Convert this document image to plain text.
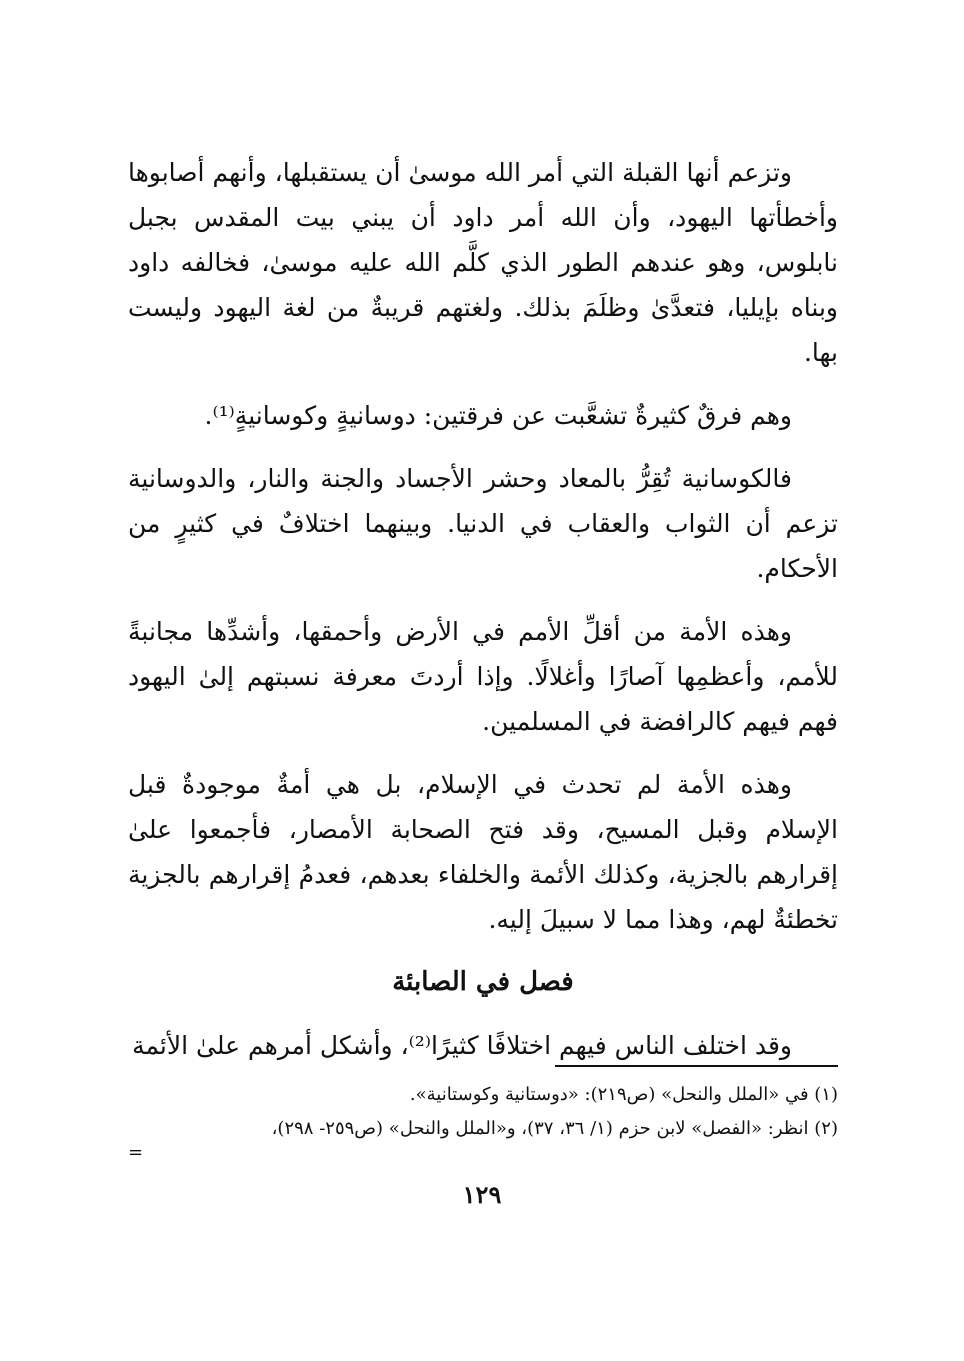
وتزعم أنها القبلة التي أمر الله موسىٰ أن يستقبلها، وأنهم أصابوها وأخطأتها اليهود، وأن الله أمر داود أن يبني بيت المقدس بجبل نابلوس، وهو عندهم الطور الذي كلَّم الله عليه موسىٰ، فخالفه داود وبناه بإيليا، فتعدَّىٰ وظلَمَ بذلك. ولغتهم قريبةٌ من لغة اليهود وليست بها.

وهم فرقٌ كثيرةٌ تشعَّبت عن فرقتين: دوسانيةٍ وكوسانيةٍ⁽¹⁾.

فالكوسانية تُقِرُّ بالمعاد وحشر الأجساد والجنة والنار، والدوسانية تزعم أن الثواب والعقاب في الدنيا. وبينهما اختلافٌ في كثيرٍ من الأحكام.

وهذه الأمة من أقلِّ الأمم في الأرض وأحمقها، وأشدِّها مجانبةً للأمم، وأعظمِها آصارًا وأغلالًا. وإذا أردتَ معرفة نسبتهم إلىٰ اليهود فهم فيهم كالرافضة في المسلمين.

وهذه الأمة لم تحدث في الإسلام، بل هي أمةٌ موجودةٌ قبل الإسلام وقبل المسيح، وقد فتح الصحابة الأمصار، فأجمعوا علىٰ إقرارهم بالجزية، وكذلك الأئمة والخلفاء بعدهم، فعدمُ إقرارهم بالجزية تخطئةٌ لهم، وهذا مما لا سبيلَ إليه.

فصل في الصابئة

وقد اختلف الناس فيهم اختلافًا كثيرًا⁽²⁾، وأشكل أمرهم علىٰ الأئمة

(١) في «الملل والنحل» (ص٢١٩): «دوستانية وكوستانية».

(٢) انظر: «الفصل» لابن حزم (١/ ٣٦، ٣٧)، و«الملل والنحل» (ص٢٥٩- ٢٩٨)،

=

١٢٩
